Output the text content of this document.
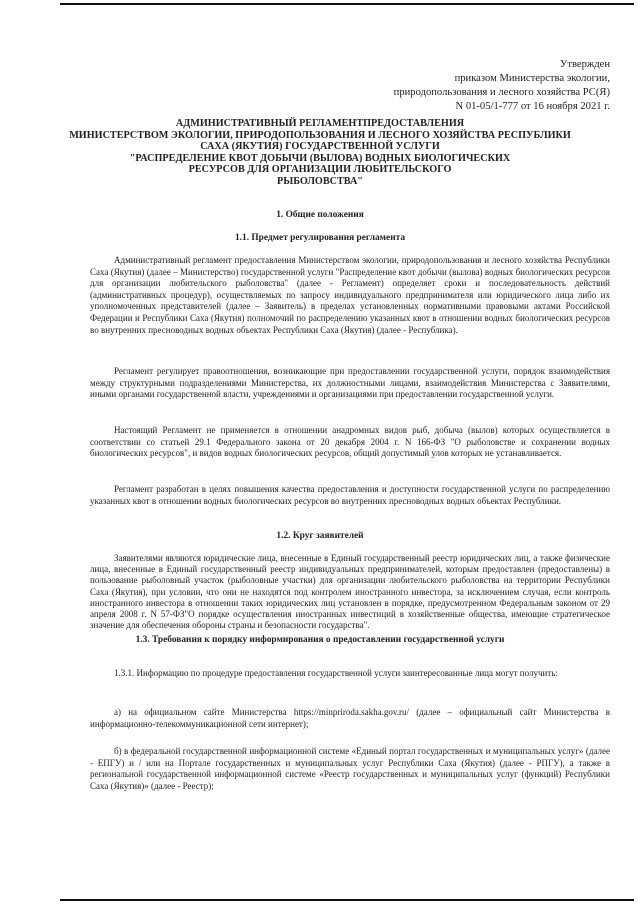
Утвержден
приказом Министерства экологии,
природопользования и лесного хозяйства РС(Я)
N 01-05/1-777 от 16 ноября 2021 г.
АДМИНИСТРАТИВНЫЙ РЕГЛАМЕНТПРЕДОСТАВЛЕНИЯ
МИНИСТЕРСТВОМ ЭКОЛОГИИ, ПРИРОДОПОЛЬЗОВАНИЯ И ЛЕСНОГО ХОЗЯЙСТВА РЕСПУБЛИКИ
САХА (ЯКУТИЯ) ГОСУДАРСТВЕННОЙ УСЛУГИ
"РАСПРЕДЕЛЕНИЕ КВОТ ДОБЫЧИ (ВЫЛОВА) ВОДНЫХ БИОЛОГИЧЕСКИХ
РЕСУРСОВ ДЛЯ ОРГАНИЗАЦИИ ЛЮБИТЕЛЬСКОГО
РЫБОЛОВСТВА"
1. Общие положения
1.1. Предмет регулирования регламента

Административный регламент предоставления Министерством экологии, природопользования и лесного хозяйства Республики Саха (Якутия) (далее – Министерство) государственной услуги "Распределение квот добычи (вылова) водных биологических ресурсов для организации любительского рыболовства" (далее - Регламент) определяет сроки и последовательность действий (административных процедур), осуществляемых по запросу индивидуального предпринимателя или юридического лица либо их уполномоченных представителей (далее – Заявитель) в пределах установленных нормативными правовыми актами Российской Федерации и Республики Саха (Якутия) полномочий по распределению указанных квот в отношении водных биологических ресурсов во внутренних пресноводных водных объектах Республики Саха (Якутия) (далее - Республика).

Регламент регулирует правоотношения, возникающие при предоставлении государственной услуги, порядок взаимодействия между структурными подразделениями Министерства, их должностными лицами, взаимодействия Министерства с Заявителями, иными органами государственной власти, учреждениями и организациями при предоставлении государственной услуги.

Настоящий Регламент не применяется в отношении анадромных видов рыб, добыча (вылов) которых осуществляется в соответствии со статьей 29.1 Федерального закона от 20 декабря 2004 г. N 166-ФЗ "О рыболовстве и сохранении водных биологических ресурсов", и видов водных биологических ресурсов, общий допустимый улов которых не устанавливается.

Регламент разработан в целях повышения качества предоставления и доступности государственной услуги по распределению указанных квот в отношении водных биологических ресурсов во внутренних пресноводных водных объектах Республики.

1.2. Круг заявителей

Заявителями являются юридические лица, внесенные в Единый государственный реестр юридических лиц, а также физические лица, внесенные в Единый государственный реестр индивидуальных предпринимателей, которым предоставлен (предоставлены) в пользование рыболовный участок (рыболовные участки) для организации любительского рыболовства на территории Республики Саха (Якутия), при условии, что они не находятся под контролем иностранного инвестора, за исключением случая, если контроль иностранного инвестора в отношении таких юридических лиц установлен в порядке, предусмотренном Федеральным законом от 29 апреля 2008 г. N 57-ФЗ"О порядке осуществления иностранных инвестиций в хозяйственные общества, имеющие стратегическое значение для обеспечения обороны страны и безопасности государства".

1.3. Требования к порядку информирования о предоставлении государственной услуги

1.3.1. Информацию по процедуре предоставления государственной услуги заинтересованные лица могут получить:

а) на официальном сайте Министерства https://minpriroda.sakha.gov.ru/ (далее – официальный сайт Министерства в информационно-телекоммуникационной сети интернет);

б) в федеральной государственной информационной системе «Единый портал государственных и муниципальных услуг» (далее - ЕПГУ) и / или на Портале государственных и муниципальных услуг Республики Саха (Якутия) (далее - РПГУ), а также в региональной государственной информационной системе «Реестр государственных и муниципальных услуг (функций) Республики Саха (Якутия)» (далее - Реестр);
